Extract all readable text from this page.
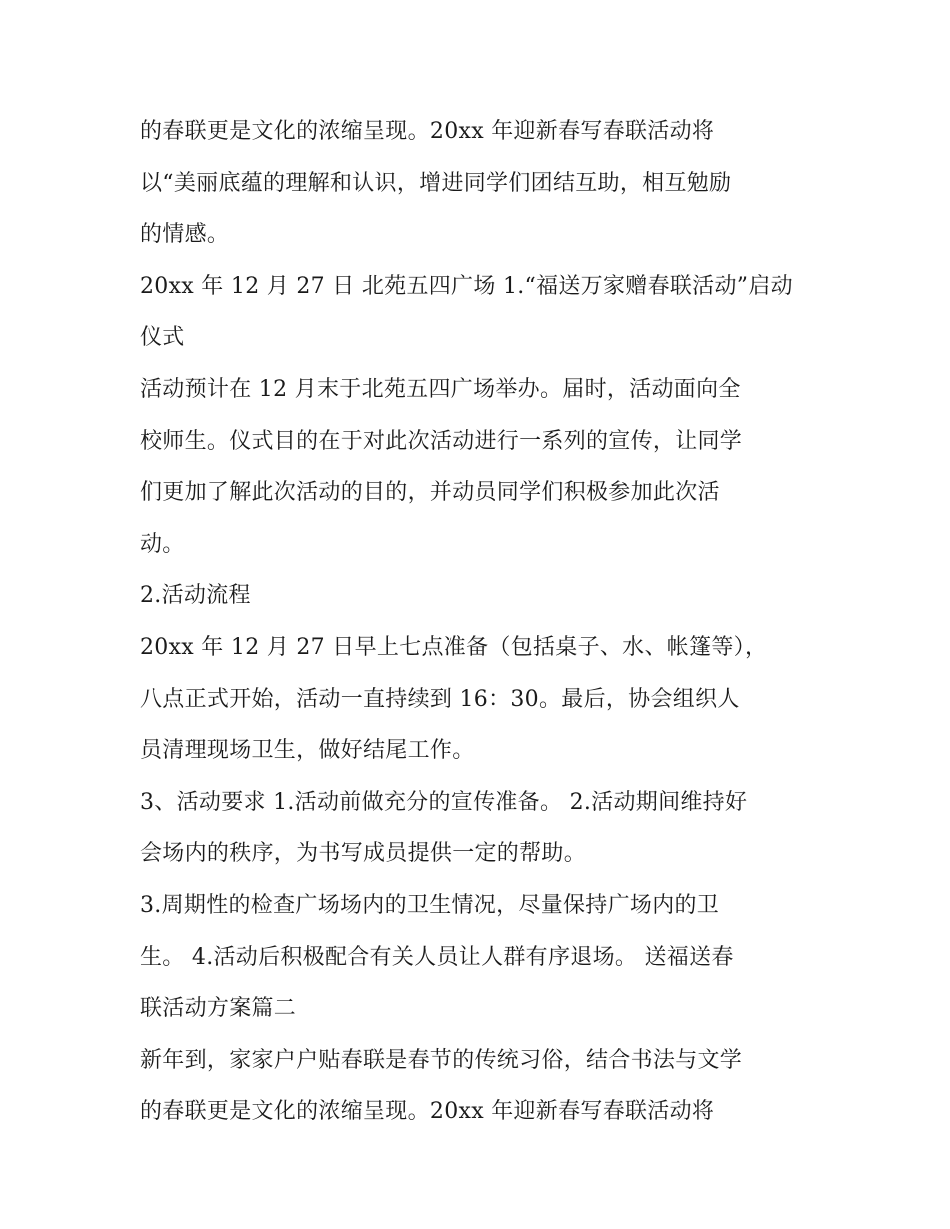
的春联更是文化的浓缩呈现。20xx 年迎新春写春联活动将
以“美丽底蕴的理解和认识，增进同学们团结互助，相互勉励
的情感。
20xx 年 12 月 27 日 北苑五四广场 1.“福送万家赠春联活动”启动
仪式
活动预计在 12 月末于北苑五四广场举办。届时，活动面向全
校师生。仪式目的在于对此次活动进行一系列的宣传，让同学
们更加了解此次活动的目的，并动员同学们积极参加此次活
动。
2.活动流程
20xx 年 12 月 27 日早上七点准备（包括桌子、水、帐篷等），
八点正式开始，活动一直持续到 16：30。最后，协会组织人
员清理现场卫生，做好结尾工作。
3、活动要求 1.活动前做充分的宣传准备。 2.活动期间维持好
会场内的秩序，为书写成员提供一定的帮助。
3.周期性的检查广场场内的卫生情况，尽量保持广场内的卫
生。 4.活动后积极配合有关人员让人群有序退场。 送福送春
联活动方案篇二
新年到，家家户户贴春联是春节的传统习俗，结合书法与文学
的春联更是文化的浓缩呈现。20xx 年迎新春写春联活动将
